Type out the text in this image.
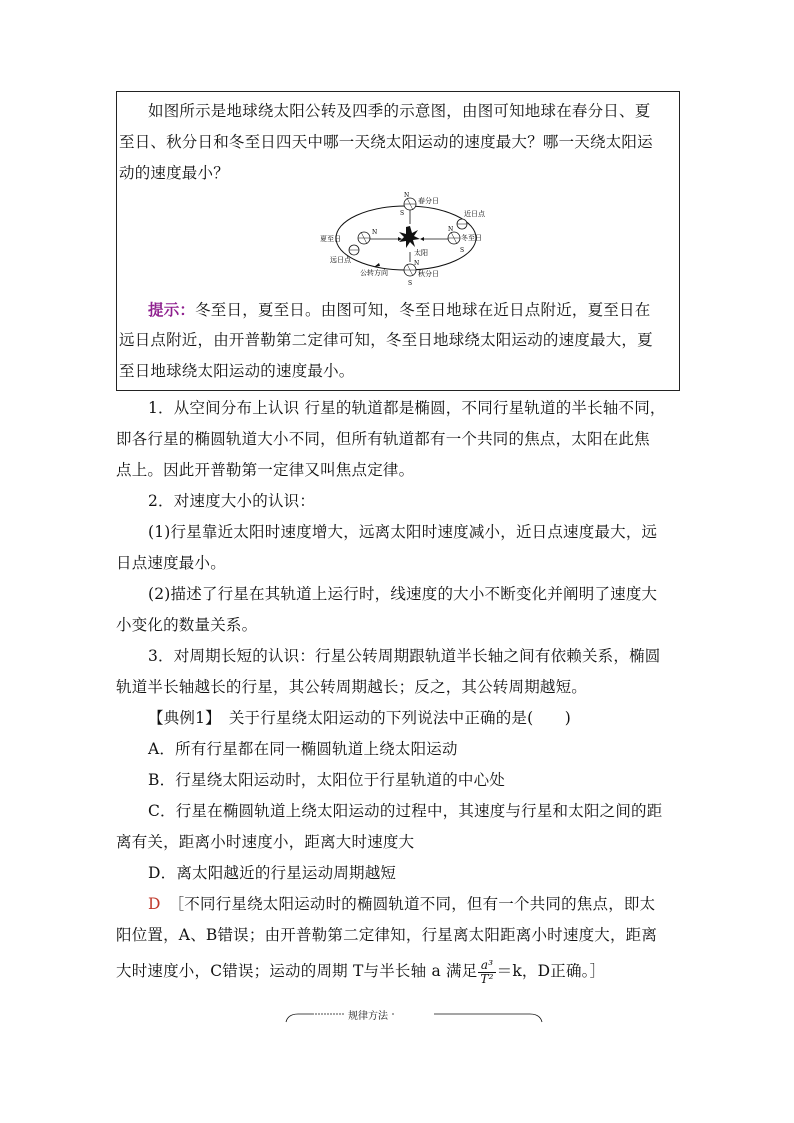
如图所示是地球绕太阳公转及四季的示意图，由图可知地球在春分日、夏
至日、秋分日和冬至日四天中哪一天绕太阳运动的速度最大？哪一天绕太阳运
动的速度最小？
春分日
N
S	近日点
夏至日
N
冬至日
N
S
太阳
远日点
公转方向	秋分日
N
S
提示：冬至日，夏至日。由图可知，冬至日地球在近日点附近，夏至日在
远日点附近，由开普勒第二定律可知，冬至日地球绕太阳运动的速度最大，夏
至日地球绕太阳运动的速度最小。
1．从空间分布上认识 行星的轨道都是椭圆，不同行星轨道的半长轴不同，
即各行星的椭圆轨道大小不同，但所有轨道都有一个共同的焦点，太阳在此焦
点上。因此开普勒第一定律又叫焦点定律。
2．对速度大小的认识：
(1)行星靠近太阳时速度增大，远离太阳时速度减小，近日点速度最大，远
日点速度最小。
(2)描述了行星在其轨道上运行时，线速度的大小不断变化并阐明了速度大
小变化的数量关系。
3．对周期长短的认识：行星公转周期跟轨道半长轴之间有依赖关系，椭圆
轨道半长轴越长的行星，其公转周期越长；反之，其公转周期越短。
【典例1】　关于行星绕太阳运动的下列说法中正确的是(　　)
A．所有行星都在同一椭圆轨道上绕太阳运动
B．行星绕太阳运动时，太阳位于行星轨道的中心处
C．行星在椭圆轨道上绕太阳运动的过程中，其速度与行星和太阳之间的距
离有关，距离小时速度小，距离大时速度大
D．离太阳越近的行星运动周期越短
D　 ［不同行星绕太阳运动时的椭圆轨道不同，但有一个共同的焦点，即太
阳位置，A、B错误；由开普勒第二定律知，行星离太阳距离小时速度大，距离
大时速度小，C错误；运动的周期 T与半长轴 a 满足 $\frac{\text{a³}}{\text{T²}} =k$，D正确。］
规律方法
